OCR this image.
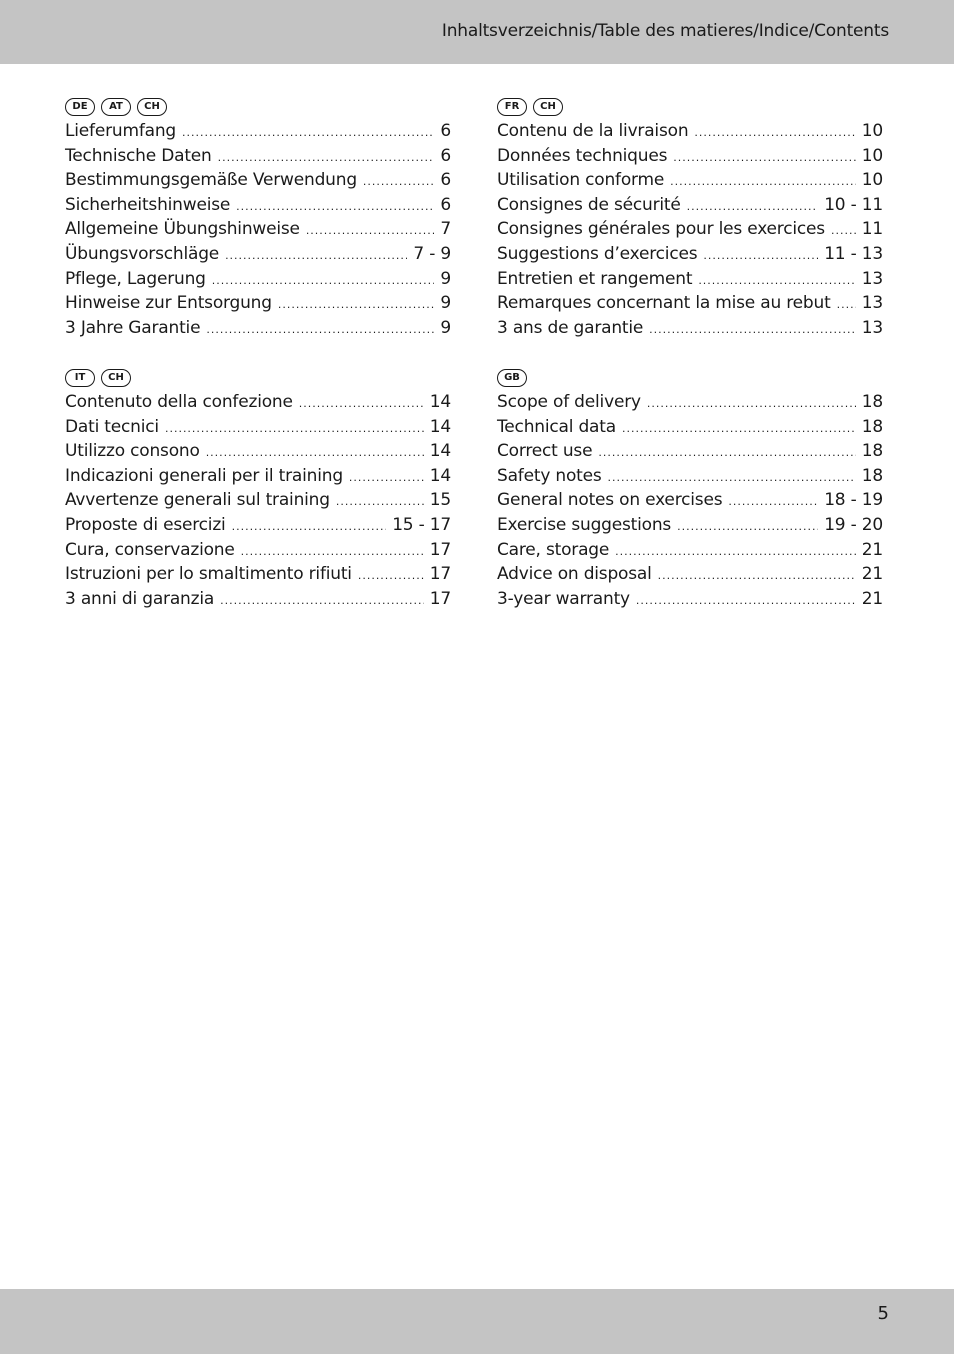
Inhaltsverzeichnis/Table des matieres/Indice/Contents
DE	AT	CH
Lieferumfang .....	6
Technische Daten .....	6
Bestimmungsgemäße Verwendung .....	6
Sicherheitshinweise .....	6
Allgemeine Übungshinweise .....	7
Übungsvorschläge .....	7 - 9
Pflege, Lagerung .....	9
Hinweise zur Entsorgung .....	9
3 Jahre Garantie .....	9
FR	CH
Contenu de la livraison .....	10
Données techniques .....	10
Utilisation conforme .....	10
Consignes de sécurité .....	10 - 11
Consignes générales pour les exercices ..... 11
Suggestions d’exercices .....	11 - 13
Entretien et rangement .....	13
Remarques concernant la mise au rebut ..... 13
3 ans de garantie .....	13
IT	CH
Contenuto della confezione .....	14
Dati tecnici .....	14
Utilizzo consono .....	14
Indicazioni generali per il training .....	14
Avvertenze generali sul training .....	15
Proposte di esercizi .....	15 - 17
Cura, conservazione .....	17
Istruzioni per lo smaltimento rifiuti .....	17
3 anni di garanzia .....	17
GB
Scope of delivery .....	18
Technical data .....	18
Correct use .....	18
Safety notes .....	18
General notes on exercises .....	18 - 19
Exercise suggestions .....	19 - 20
Care, storage .....	21
Advice on disposal .....	21
3-year warranty .....	21
5
